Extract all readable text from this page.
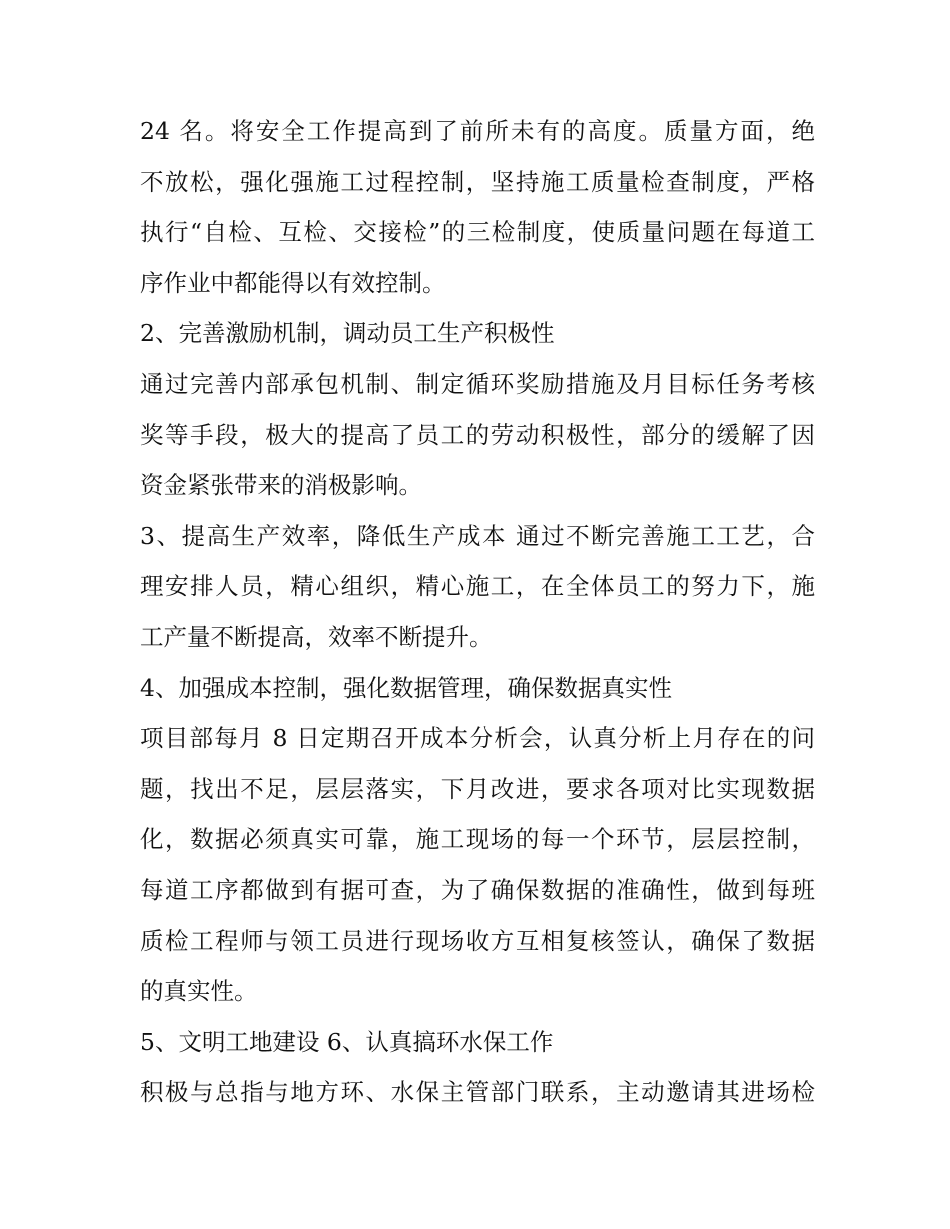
24 名。将安全工作提高到了前所未有的高度。质量方面，绝
不放松，强化强施工过程控制，坚持施工质量检查制度，严格
执行“自检、互检、交接检”的三检制度，使质量问题在每道工
序作业中都能得以有效控制。
2、完善激励机制，调动员工生产积极性
通过完善内部承包机制、制定循环奖励措施及月目标任务考核
奖等手段，极大的提高了员工的劳动积极性，部分的缓解了因
资金紧张带来的消极影响。
3、提高生产效率，降低生产成本 通过不断完善施工工艺，合
理安排人员，精心组织，精心施工，在全体员工的努力下，施
工产量不断提高，效率不断提升。
4、加强成本控制，强化数据管理，确保数据真实性
项目部每月 8 日定期召开成本分析会，认真分析上月存在的问
题，找出不足，层层落实，下月改进，要求各项对比实现数据
化，数据必须真实可靠，施工现场的每一个环节，层层控制，
每道工序都做到有据可查，为了确保数据的准确性，做到每班
质检工程师与领工员进行现场收方互相复核签认，确保了数据
的真实性。
5、文明工地建设 6、认真搞环水保工作
积极与总指与地方环、水保主管部门联系，主动邀请其进场检
